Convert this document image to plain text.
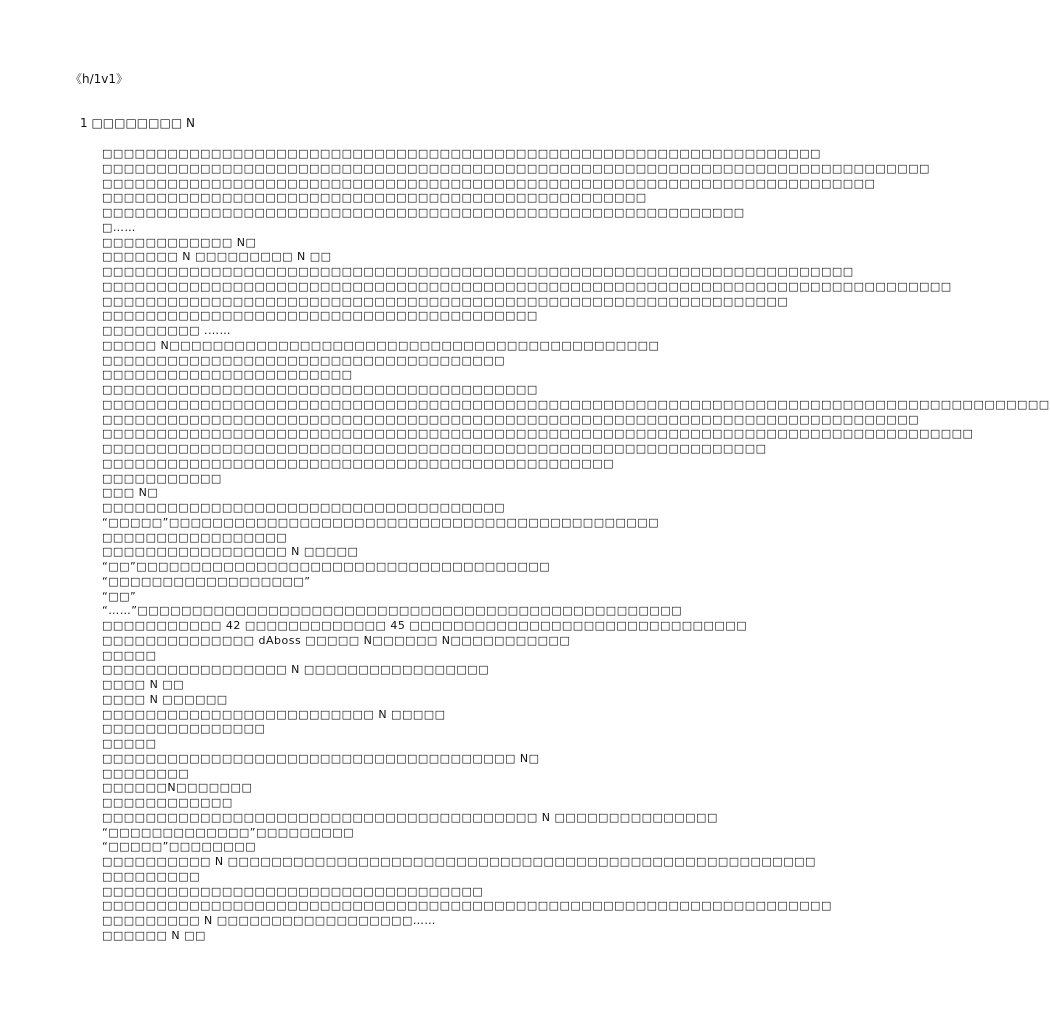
《h/1v1》
1 □□□□□□□□ N
□□□□□□□□□□□□□□□□□□□□□□□□□□□□□□□□□□□□□□□□□□□□□□□□□□□□□□□□□□□□□□□□□□
□□□□□□□□□□□□□□□□□□□□□□□□□□□□□□□□□□□□□□□□□□□□□□□□□□□□□□□□□□□□□□□□□□□□□□□□□□□□
□□□□□□□□□□□□□□□□□□□□□□□□□□□□□□□□□□□□□□□□□□□□□□□□□□□□□□□□□□□□□□□□□□□□□□□
□□□□□□□□□□□□□□□□□□□□□□□□□□□□□□□□□□□□□□□□□□□□□□□□□□
□□□□□□□□□□□□□□□□□□□□□□□□□□□□□□□□□□□□□□□□□□□□□□□□□□□□□□□□□□□
□……
□□□□□□□□□□□□ N□
□□□□□□□ N □□□□□□□□□ N □□
□□□□□□□□□□□□□□□□□□□□□□□□□□□□□□□□□□□□□□□□□□□□□□□□□□□□□□□□□□□□□□□□□□□□□
□□□□□□□□□□□□□□□□□□□□□□□□□□□□□□□□□□□□□□□□□□□□□□□□□□□□□□□□□□□□□□□□□□□□□□□□□□□□□□
□□□□□□□□□□□□□□□□□□□□□□□□□□□□□□□□□□□□□□□□□□□□□□□□□□□□□□□□□□□□□□□
□□□□□□□□□□□□□□□□□□□□□□□□□□□□□□□□□□□□□□□□
□□□□□□□□□ .……
□□□□□ N□□□□□□□□□□□□□□□□□□□□□□□□□□□□□□□□□□□□□□□□□□□□□
□□□□□□□□□□□□□□□□□□□□□□□□□□□□□□□□□□□□□
□□□□□□□□□□□□□□□□□□□□□□□
□□□□□□□□□□□□□□□□□□□□□□□□□□□□□□□□□□□□□□□□
□□□□□□□□□□□□□□□□□□□□□□□□□□□□□□□□□□□□□□□□□□□□□□□□□□□□□□□□□□□□□□□□□□□□□□□□□□□□□□□□□□□□□□□
□□□□□□□□□□□□□□□□□□□□□□□□□□□□□□□□□□□□□□□□□□□□□□□□□□□□□□□□□□□□□□□□□□□□□□□□□□□
□□□□□□□□□□□□□□□□□□□□□□□□□□□□□□□□□□□□□□□□□□□□□□□□□□□□□□□□□□□□□□□□□□□□□□□□□□□□□□□□
□□□□□□□□□□□□□□□□□□□□□□□□□□□□□□□□□□□□□□□□□□□□□□□□□□□□□□□□□□□□□
□□□□□□□□□□□□□□□□□□□□□□□□□□□□□□□□□□□□□□□□□□□□□□□
□□□□□□□□□□□
□□□ N□
□□□□□□□□□□□□□□□□□□□□□□□□□□□□□□□□□□□□□
“□□□□□”□□□□□□□□□□□□□□□□□□□□□□□□□□□□□□□□□□□□□□□□□□□□□
□□□□□□□□□□□□□□□□□
□□□□□□□□□□□□□□□□□ N □□□□□
“□□”□□□□□□□□□□□□□□□□□□□□□□□□□□□□□□□□□□□□□□
“□□□□□□□□□□□□□□□□□□”
“□□”
“……”□□□□□□□□□□□□□□□□□□□□□□□□□□□□□□□□□□□□□□□□□□□□□□□□□□
□□□□□□□□□□□ 42 □□□□□□□□□□□□□ 45 □□□□□□□□□□□□□□□□□□□□□□□□□□□□□□□
□□□□□□□□□□□□□□ dAboss □□□□□ N□□□□□□ N□□□□□□□□□□□
□□□□□
□□□□□□□□□□□□□□□□□ N □□□□□□□□□□□□□□□□□
□□□□ N □□
□□□□ N □□□□□□
□□□□□□□□□□□□□□□□□□□□□□□□□ N □□□□□
□□□□□□□□□□□□□□□
□□□□□
□□□□□□□□□□□□□□□□□□□□□□□□□□□□□□□□□□□□□□ N□
□□□□□□□□
□□□□□□N□□□□□□□
□□□□□□□□□□□□
□□□□□□□□□□□□□□□□□□□□□□□□□□□□□□□□□□□□□□□□ N □□□□□□□□□□□□□□□
“□□□□□□□□□□□□□”□□□□□□□□□
“□□□□□”□□□□□□□□
□□□□□□□□□□ N □□□□□□□□□□□□□□□□□□□□□□□□□□□□□□□□□□□□□□□□□□□□□□□□□□□□□□
□□□□□□□□□
□□□□□□□□□□□□□□□□□□□□□□□□□□□□□□□□□□□
□□□□□□□□□□□□□□□□□□□□□□□□□□□□□□□□□□□□□□□□□□□□□□□□□□□□□□□□□□□□□□□□□□□
□□□□□□□□□ N □□□□□□□□□□□□□□□□□□……
□□□□□□ N □□
